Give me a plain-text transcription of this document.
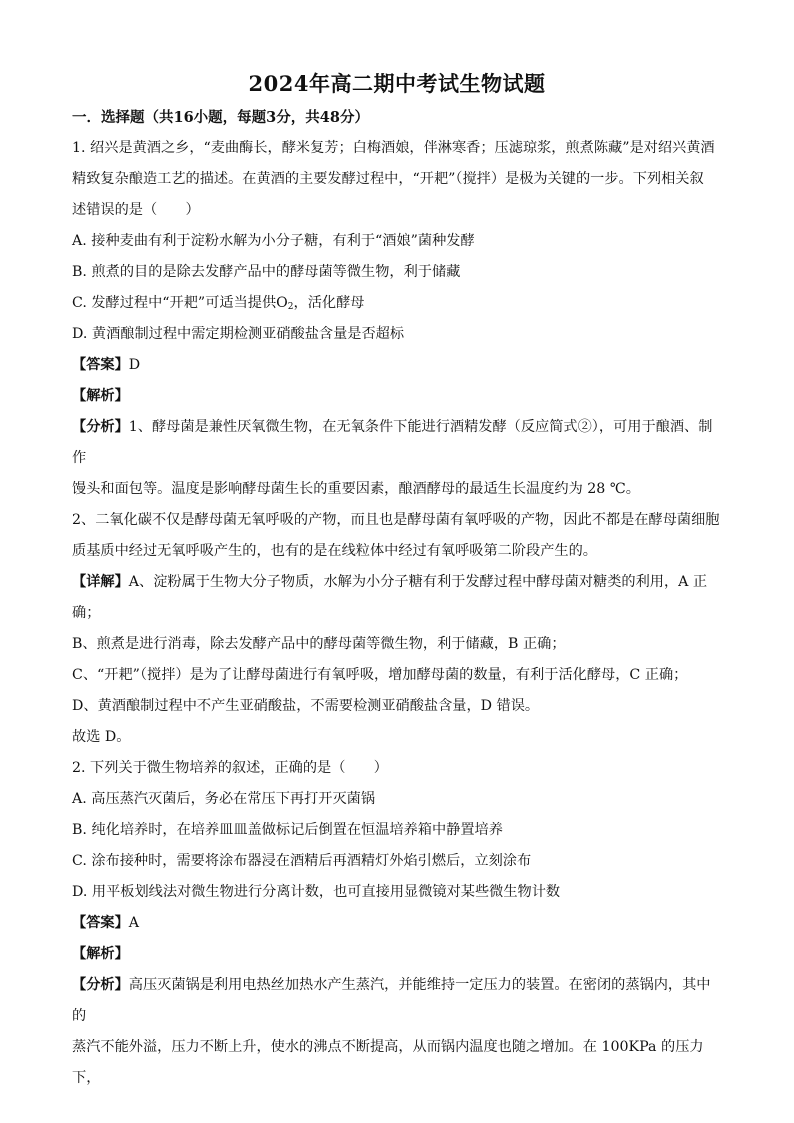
2024年高二期中考试生物试题
一．选择题（共16小题，每题3分，共48分）

1. 绍兴是黄酒之乡，“麦曲酶长，酵米复芳；白梅酒娘，伴淋寒香；压滤琼浆，煎煮陈藏”是对绍兴黄酒

精致复杂酿造工艺的描述。在黄酒的主要发酵过程中，“开耙”（搅拌）是极为关键的一步。下列相关叙

述错误的是（　　）

A. 接种麦曲有利于淀粉水解为小分子糖，有利于“酒娘”菌种发酵

B. 煎煮的目的是除去发酵产品中的酵母菌等微生物，利于储藏

C. 发酵过程中“开耙”可适当提供$O_2$，活化酵母

D. 黄酒酿制过程中需定期检测亚硝酸盐含量是否超标

【答案】D

【解析】

【分析】1、酵母菌是兼性厌氧微生物，在无氧条件下能进行酒精发酵（反应简式②），可用于酿酒、制作

馒头和面包等。温度是影响酵母菌生长的重要因素，酿酒酵母的最适生长温度约为 28 ℃。

2、二氧化碳不仅是酵母菌无氧呼吸的产物，而且也是酵母菌有氧呼吸的产物，因此不都是在酵母菌细胞

质基质中经过无氧呼吸产生的，也有的是在线粒体中经过有氧呼吸第二阶段产生的。

【详解】A、淀粉属于生物大分子物质，水解为小分子糖有利于发酵过程中酵母菌对糖类的利用，A 正

确；

B、煎煮是进行消毒，除去发酵产品中的酵母菌等微生物，利于储藏，B 正确；

C、“开耙”（搅拌）是为了让酵母菌进行有氧呼吸，增加酵母菌的数量，有利于活化酵母，C 正确；

D、黄酒酿制过程中不产生亚硝酸盐，不需要检测亚硝酸盐含量，D 错误。

故选 D。

2. 下列关于微生物培养的叙述，正确的是（　　）

A. 高压蒸汽灭菌后，务必在常压下再打开灭菌锅

B. 纯化培养时，在培养皿皿盖做标记后倒置在恒温培养箱中静置培养

C. 涂布接种时，需要将涂布器浸在酒精后再酒精灯外焰引燃后，立刻涂布

D. 用平板划线法对微生物进行分离计数，也可直接用显微镜对某些微生物计数

【答案】A

【解析】

【分析】高压灭菌锅是利用电热丝加热水产生蒸汽，并能维持一定压力的装置。在密闭的蒸锅内，其中的

蒸汽不能外溢，压力不断上升，使水的沸点不断提高，从而锅内温度也随之增加。在 100KPa 的压力下，
